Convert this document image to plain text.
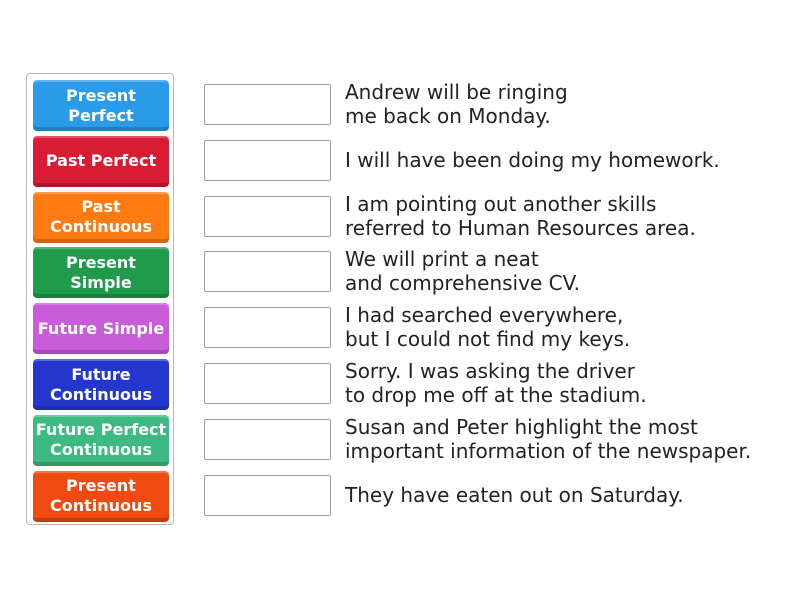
Present Perfect
Andrew will be ringing
me back on Monday.
Past Perfect	I will have been doing my homework.
Past Continuous
I am pointing out another skills
referred to Human Resources area.
Present Simple
We will print a neat
and comprehensive CV.
Future Simple
I had searched everywhere,
but I could not find my keys.
Future Continuous
Sorry. I was asking the driver
to drop me off at the stadium.
Future Perfect Continuous
Susan and Peter highlight the most
important information of the newspaper.
Present Continuous	They have eaten out on Saturday.
